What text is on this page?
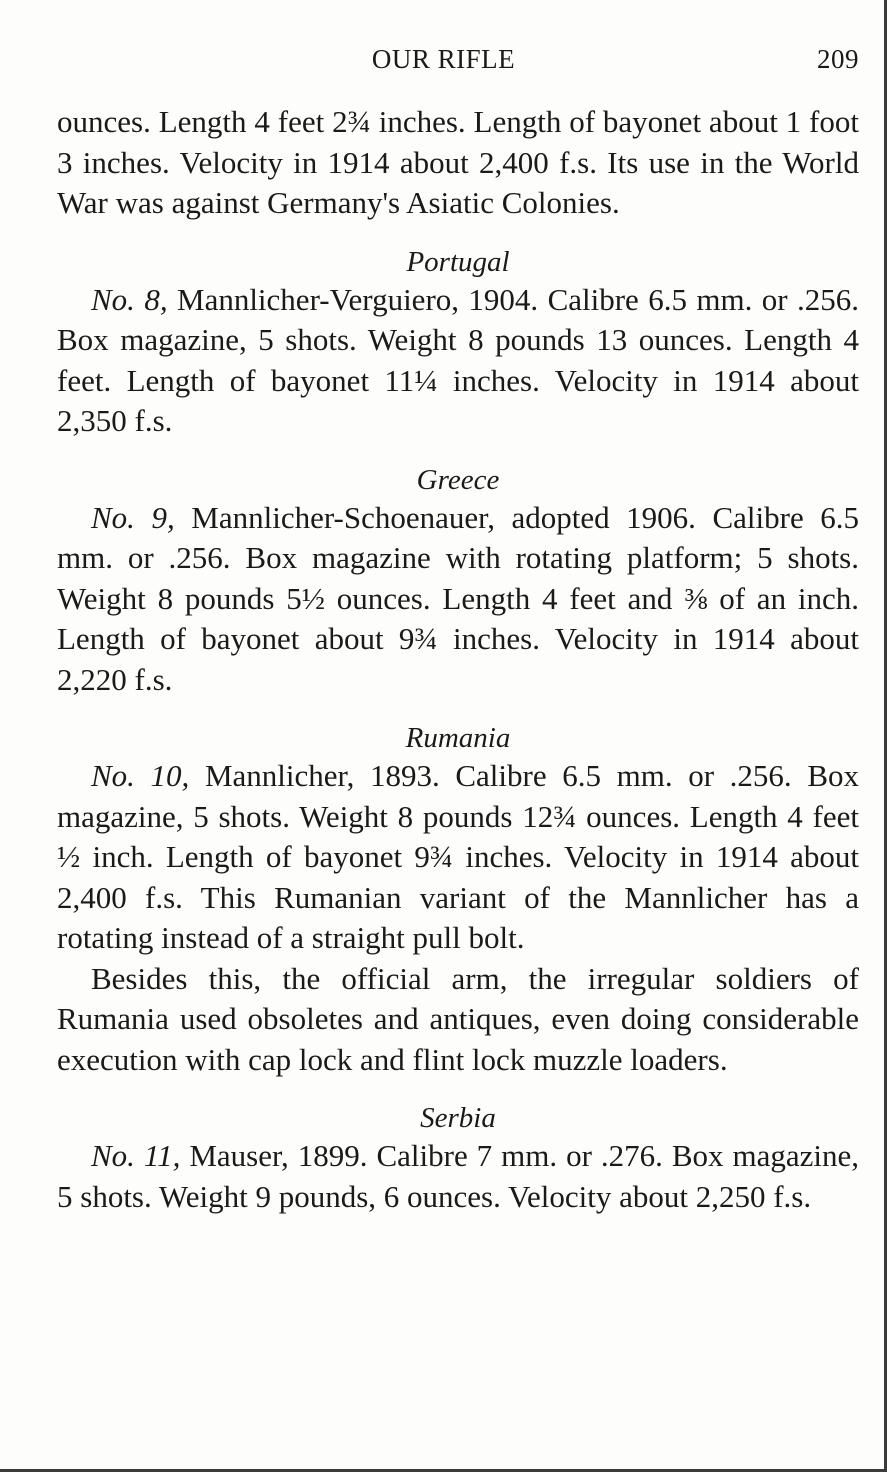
OUR RIFLE	209

ounces. Length 4 feet 2¾ inches. Length of bayonet about 1 foot 3 inches. Velocity in 1914 about 2,400 f.s. Its use in the World War was against Germany's Asiatic Colonies.

Portugal

No. 8, Mannlicher-Verguiero, 1904. Calibre 6.5 mm. or .256. Box magazine, 5 shots. Weight 8 pounds 13 ounces. Length 4 feet. Length of bayonet 11¼ inches. Velocity in 1914 about 2,350 f.s.

Greece

No. 9, Mannlicher-Schoenauer, adopted 1906. Calibre 6.5 mm. or .256. Box magazine with rotating platform; 5 shots. Weight 8 pounds 5½ ounces. Length 4 feet and ⅜ of an inch. Length of bayonet about 9¾ inches. Velocity in 1914 about 2,220 f.s.

Rumania

No. 10, Mannlicher, 1893. Calibre 6.5 mm. or .256. Box magazine, 5 shots. Weight 8 pounds 12¾ ounces. Length 4 feet ½ inch. Length of bayonet 9¾ inches. Velocity in 1914 about 2,400 f.s. This Rumanian variant of the Mannlicher has a rotating instead of a straight pull bolt.

Besides this, the official arm, the irregular soldiers of Rumania used obsoletes and antiques, even doing considerable execution with cap lock and flint lock muzzle loaders.

Serbia

No. 11, Mauser, 1899. Calibre 7 mm. or .276. Box magazine, 5 shots. Weight 9 pounds, 6 ounces. Velocity about 2,250 f.s.
